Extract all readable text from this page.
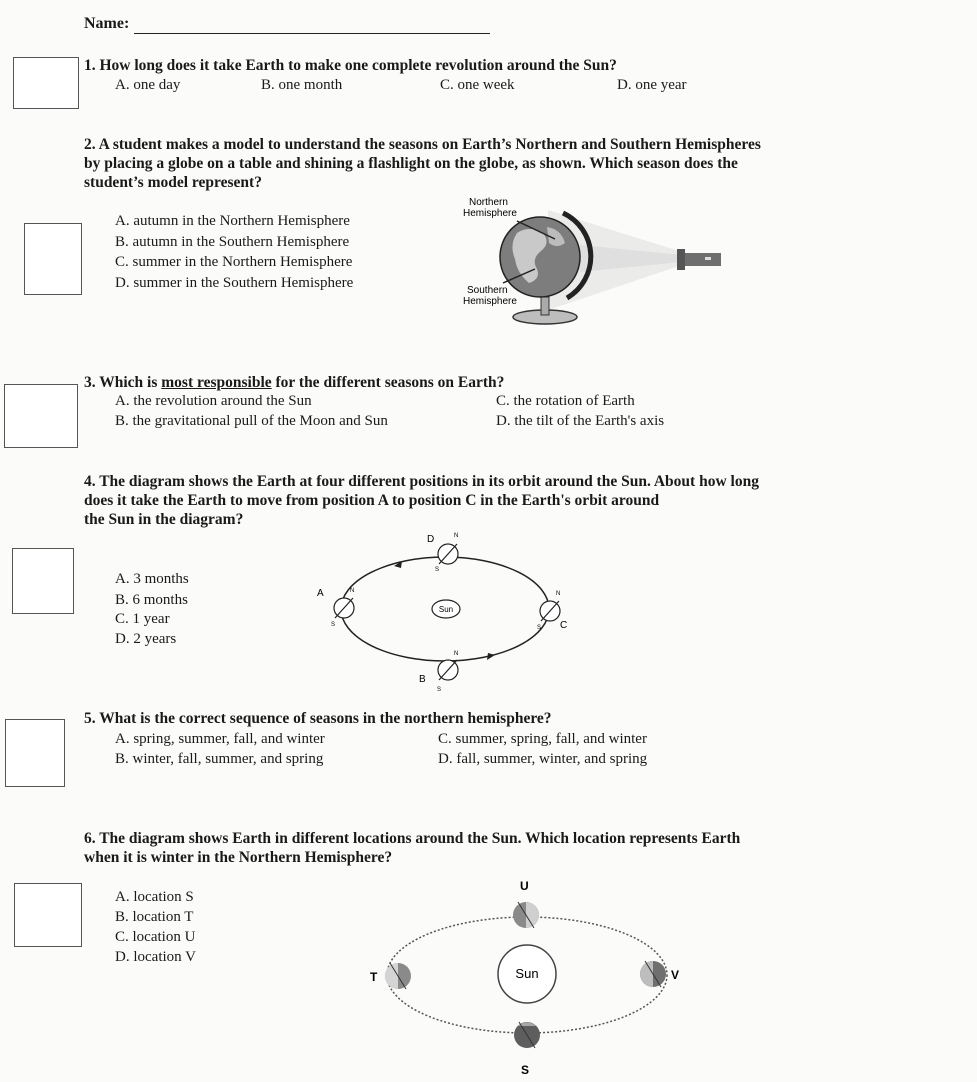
Name:
1. How long does it take Earth to make one complete revolution around the Sun?
A. one day	B. one month	C. one week	D. one year
2. A student makes a model to understand the seasons on Earth’s Northern and Southern Hemispheres
by placing a globe on a table and shining a flashlight on the globe, as shown. Which season does the
student’s model represent?
A. autumn in the Northern Hemisphere
B. autumn in the Southern Hemisphere
C. summer in the Northern Hemisphere
D. summer in the Southern Hemisphere
Northern
Hemisphere
Southern
Hemisphere
3. Which is most responsible for the different seasons on Earth?
A. the revolution around the Sun
B. the gravitational pull of the Moon and Sun
C. the rotation of Earth
D. the tilt of the Earth's axis
4. The diagram shows the Earth at four different positions in its orbit around the Sun. About how long
does it take the Earth to move from position A to position C in the Earth's orbit around
the Sun in the diagram?
A. 3 months
B. 6 months
C. 1 year
D. 2 years
Sun
D	N
S
A	N
S	C
N
S
B
N
S
5. What is the correct sequence of seasons in the northern hemisphere?
A. spring, summer, fall, and winter
B. winter, fall, summer, and spring
C. summer, spring, fall, and winter
D. fall, summer, winter, and spring
6. The diagram shows Earth in different locations around the Sun. Which location represents Earth
when it is winter in the Northern Hemisphere?
A. location S
B. location T
C. location U
D. location V
Sun
U
T	V
S
